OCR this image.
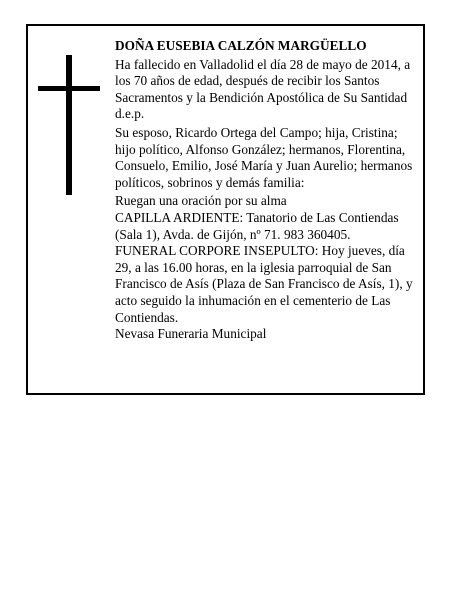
DOÑA EUSEBIA CALZÓN MARGÜELLO

Ha fallecido en Valladolid el día 28 de mayo de 2014, a los 70 años de edad, después de recibir los Santos Sacramentos y la Bendición Apostólica de Su Santidad

d.e.p.

Su esposo, Ricardo Ortega del Campo; hija, Cristina; hijo político, Alfonso González; hermanos, Florentina, Consuelo, Emilio, José María y Juan Aurelio; hermanos políticos, sobrinos y demás familia:

Ruegan una oración por su alma

CAPILLA ARDIENTE: Tanatorio de Las Contiendas (Sala 1), Avda. de Gijón, nº 71. 983 360405.

FUNERAL CORPORE INSEPULTO: Hoy jueves, día 29, a las 16.00 horas, en la iglesia parroquial de San Francisco de Asís (Plaza de San Francisco de Asís, 1), y acto seguido la inhumación en el cementerio de Las Contiendas.

Nevasa Funeraria Municipal
